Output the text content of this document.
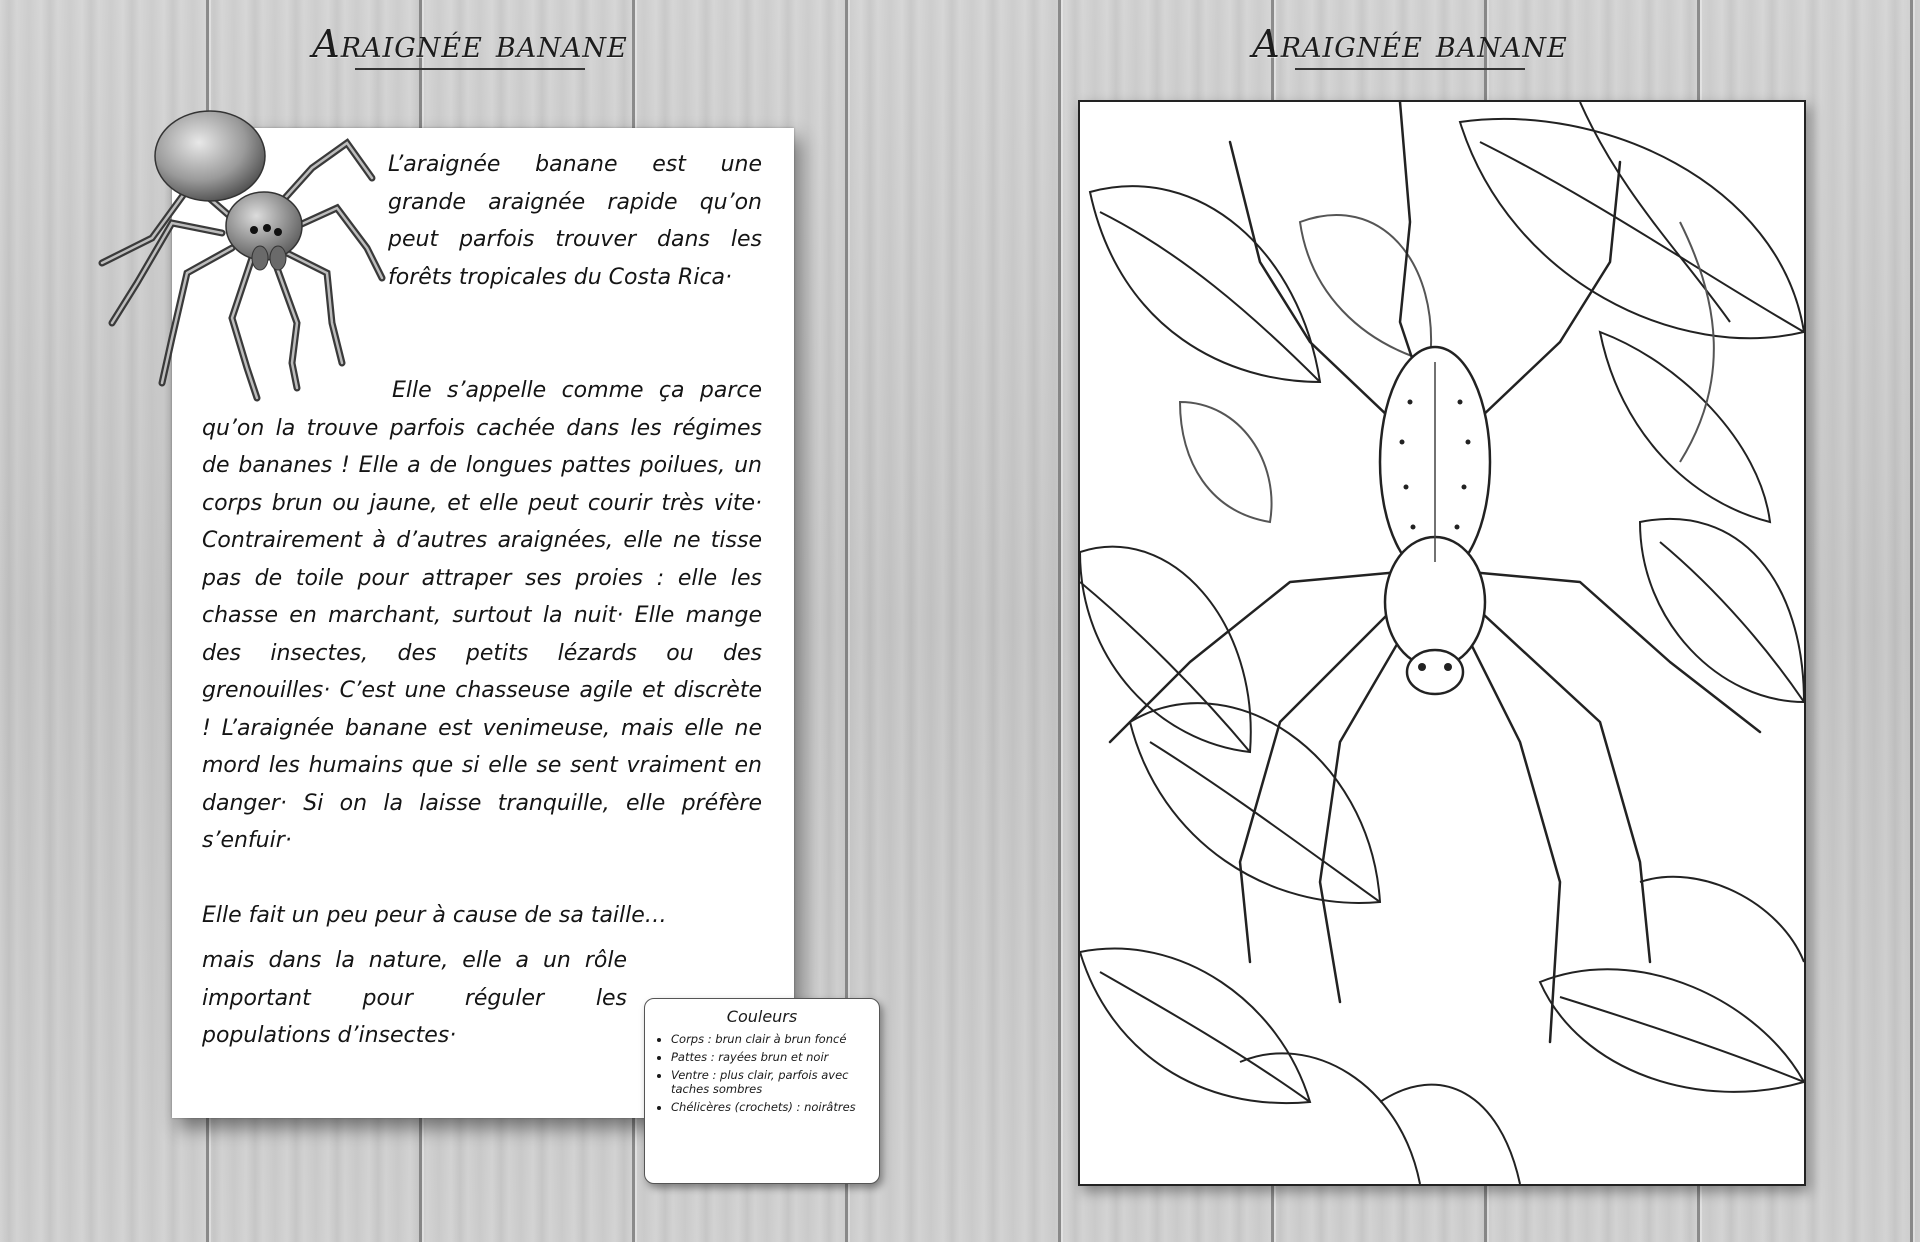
Araignée banane

L’araignée banane est une grande araignée rapide qu’on peut parfois trouver dans les forêts tropicales du Costa Rica·

Elle s’appelle comme ça parce qu’on la trouve parfois cachée dans les régimes de bananes ! Elle a de longues pattes poilues, un corps brun ou jaune, et elle peut courir très vite· Contrairement à d’autres araignées, elle ne tisse pas de toile pour attraper ses proies : elle les chasse en marchant, surtout la nuit· Elle mange des insectes, des petits lézards ou des grenouilles· C’est une chasseuse agile et discrète ! L’araignée banane est venimeuse, mais elle ne mord les humains que si elle se sent vraiment en danger· Si on la laisse tranquille, elle préfère s’enfuir·

Elle fait un peu peur à cause de sa taille…

mais dans la nature, elle a un rôle important pour réguler les populations d’insectes·

Couleurs
• Corps : brun clair à brun foncé
• Pattes : rayées brun et noir
• Ventre : plus clair, parfois avec taches sombres
• Chélicères (crochets) : noirâtres
Araignée banane
